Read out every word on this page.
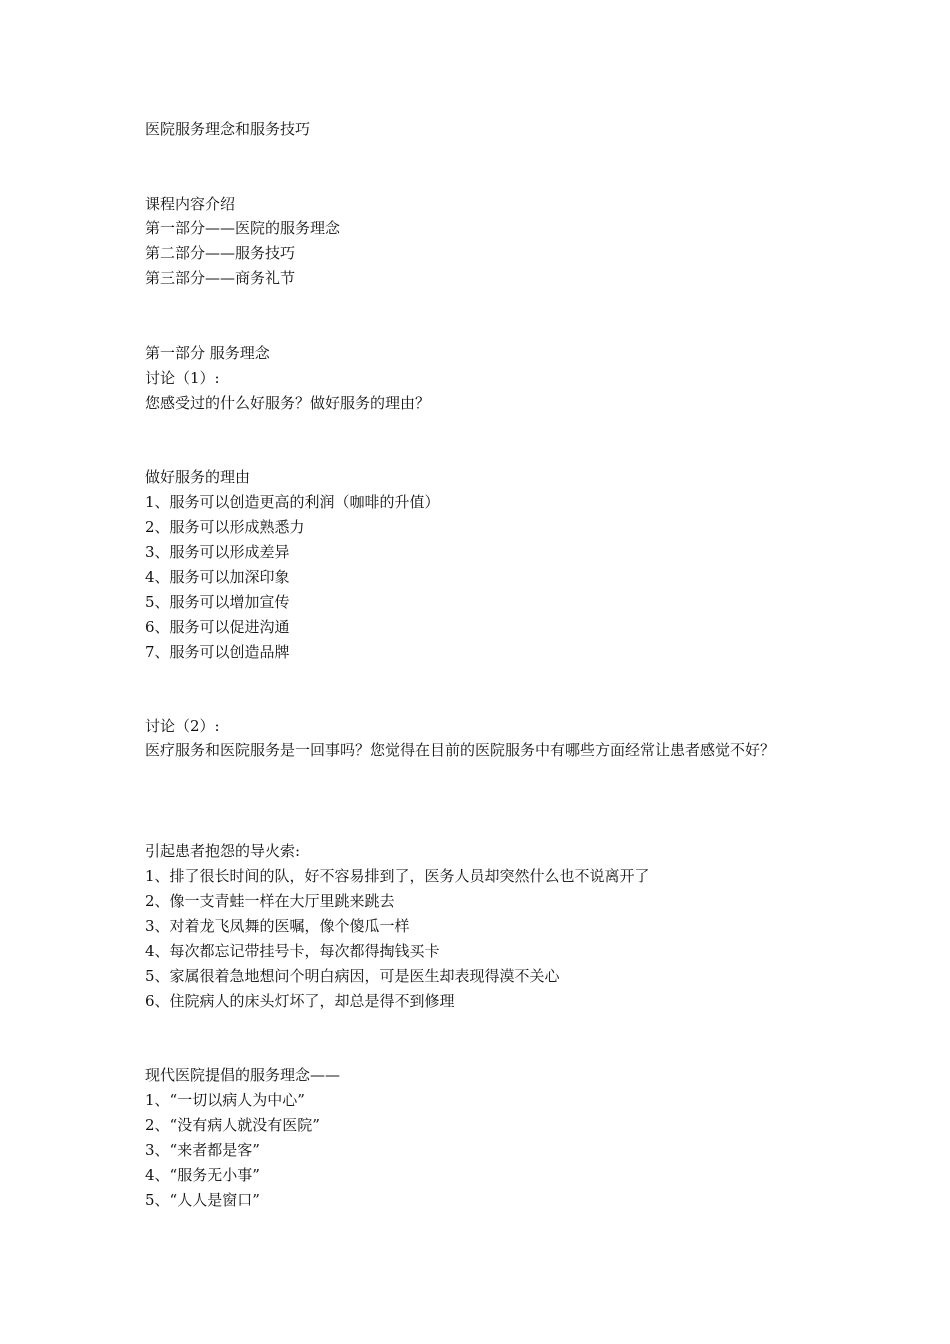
医院服务理念和服务技巧
课程内容介绍
第一部分——医院的服务理念
第二部分——服务技巧
第三部分——商务礼节
第一部分 服务理念
讨论（1）:
您感受过的什么好服务？做好服务的理由？
做好服务的理由
1、服务可以创造更高的利润（咖啡的升值）
2、服务可以形成熟悉力
3、服务可以形成差异
4、服务可以加深印象
5、服务可以增加宣传
6、服务可以促进沟通
7、服务可以创造品牌
讨论（2）:
医疗服务和医院服务是一回事吗？您觉得在目前的医院服务中有哪些方面经常让患者感觉不好？
引起患者抱怨的导火索:
1、排了很长时间的队，好不容易排到了，医务人员却突然什么也不说离开了
2、像一支青蛙一样在大厅里跳来跳去
3、对着龙飞凤舞的医嘱，像个傻瓜一样
4、每次都忘记带挂号卡，每次都得掏钱买卡
5、家属很着急地想问个明白病因，可是医生却表现得漠不关心
6、住院病人的床头灯坏了，却总是得不到修理
现代医院提倡的服务理念——
1、“一切以病人为中心”
2、“没有病人就没有医院”
3、“来者都是客”
4、“服务无小事”
5、“人人是窗口”
